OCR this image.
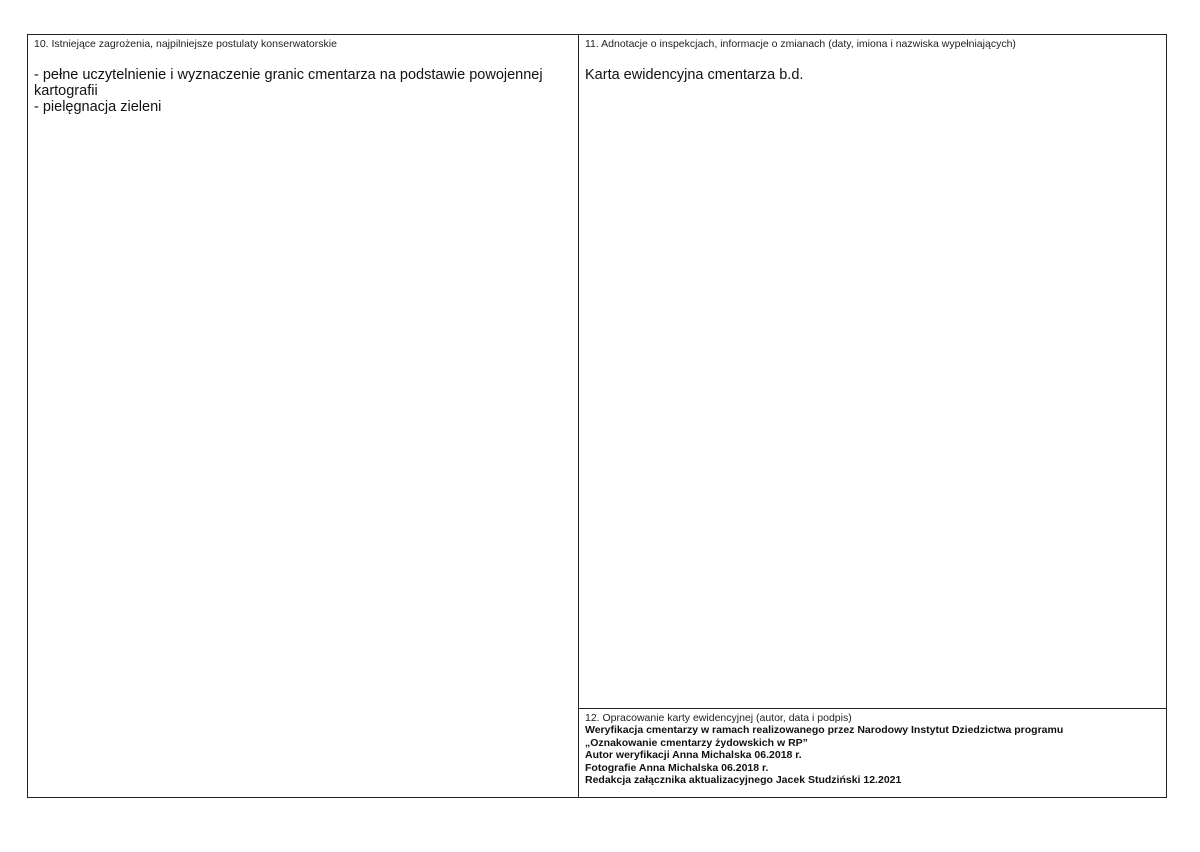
10. Istniejące zagrożenia, najpilniejsze postulaty konserwatorskie
- pełne uczytelnienie i wyznaczenie granic cmentarza na podstawie powojennej kartografii
- pielęgnacja zieleni
11. Adnotacje o inspekcjach, informacje o zmianach (daty, imiona i nazwiska wypełniających)
Karta ewidencyjna cmentarza b.d.
12. Opracowanie karty ewidencyjnej (autor, data i podpis)
Weryfikacja cmentarzy w ramach realizowanego przez Narodowy Instytut Dziedzictwa programu
„Oznakowanie cmentarzy żydowskich w RP”
Autor weryfikacji Anna Michalska 06.2018 r.
Fotografie Anna Michalska 06.2018 r.
Redakcja załącznika aktualizacyjnego Jacek Studziński 12.2021
